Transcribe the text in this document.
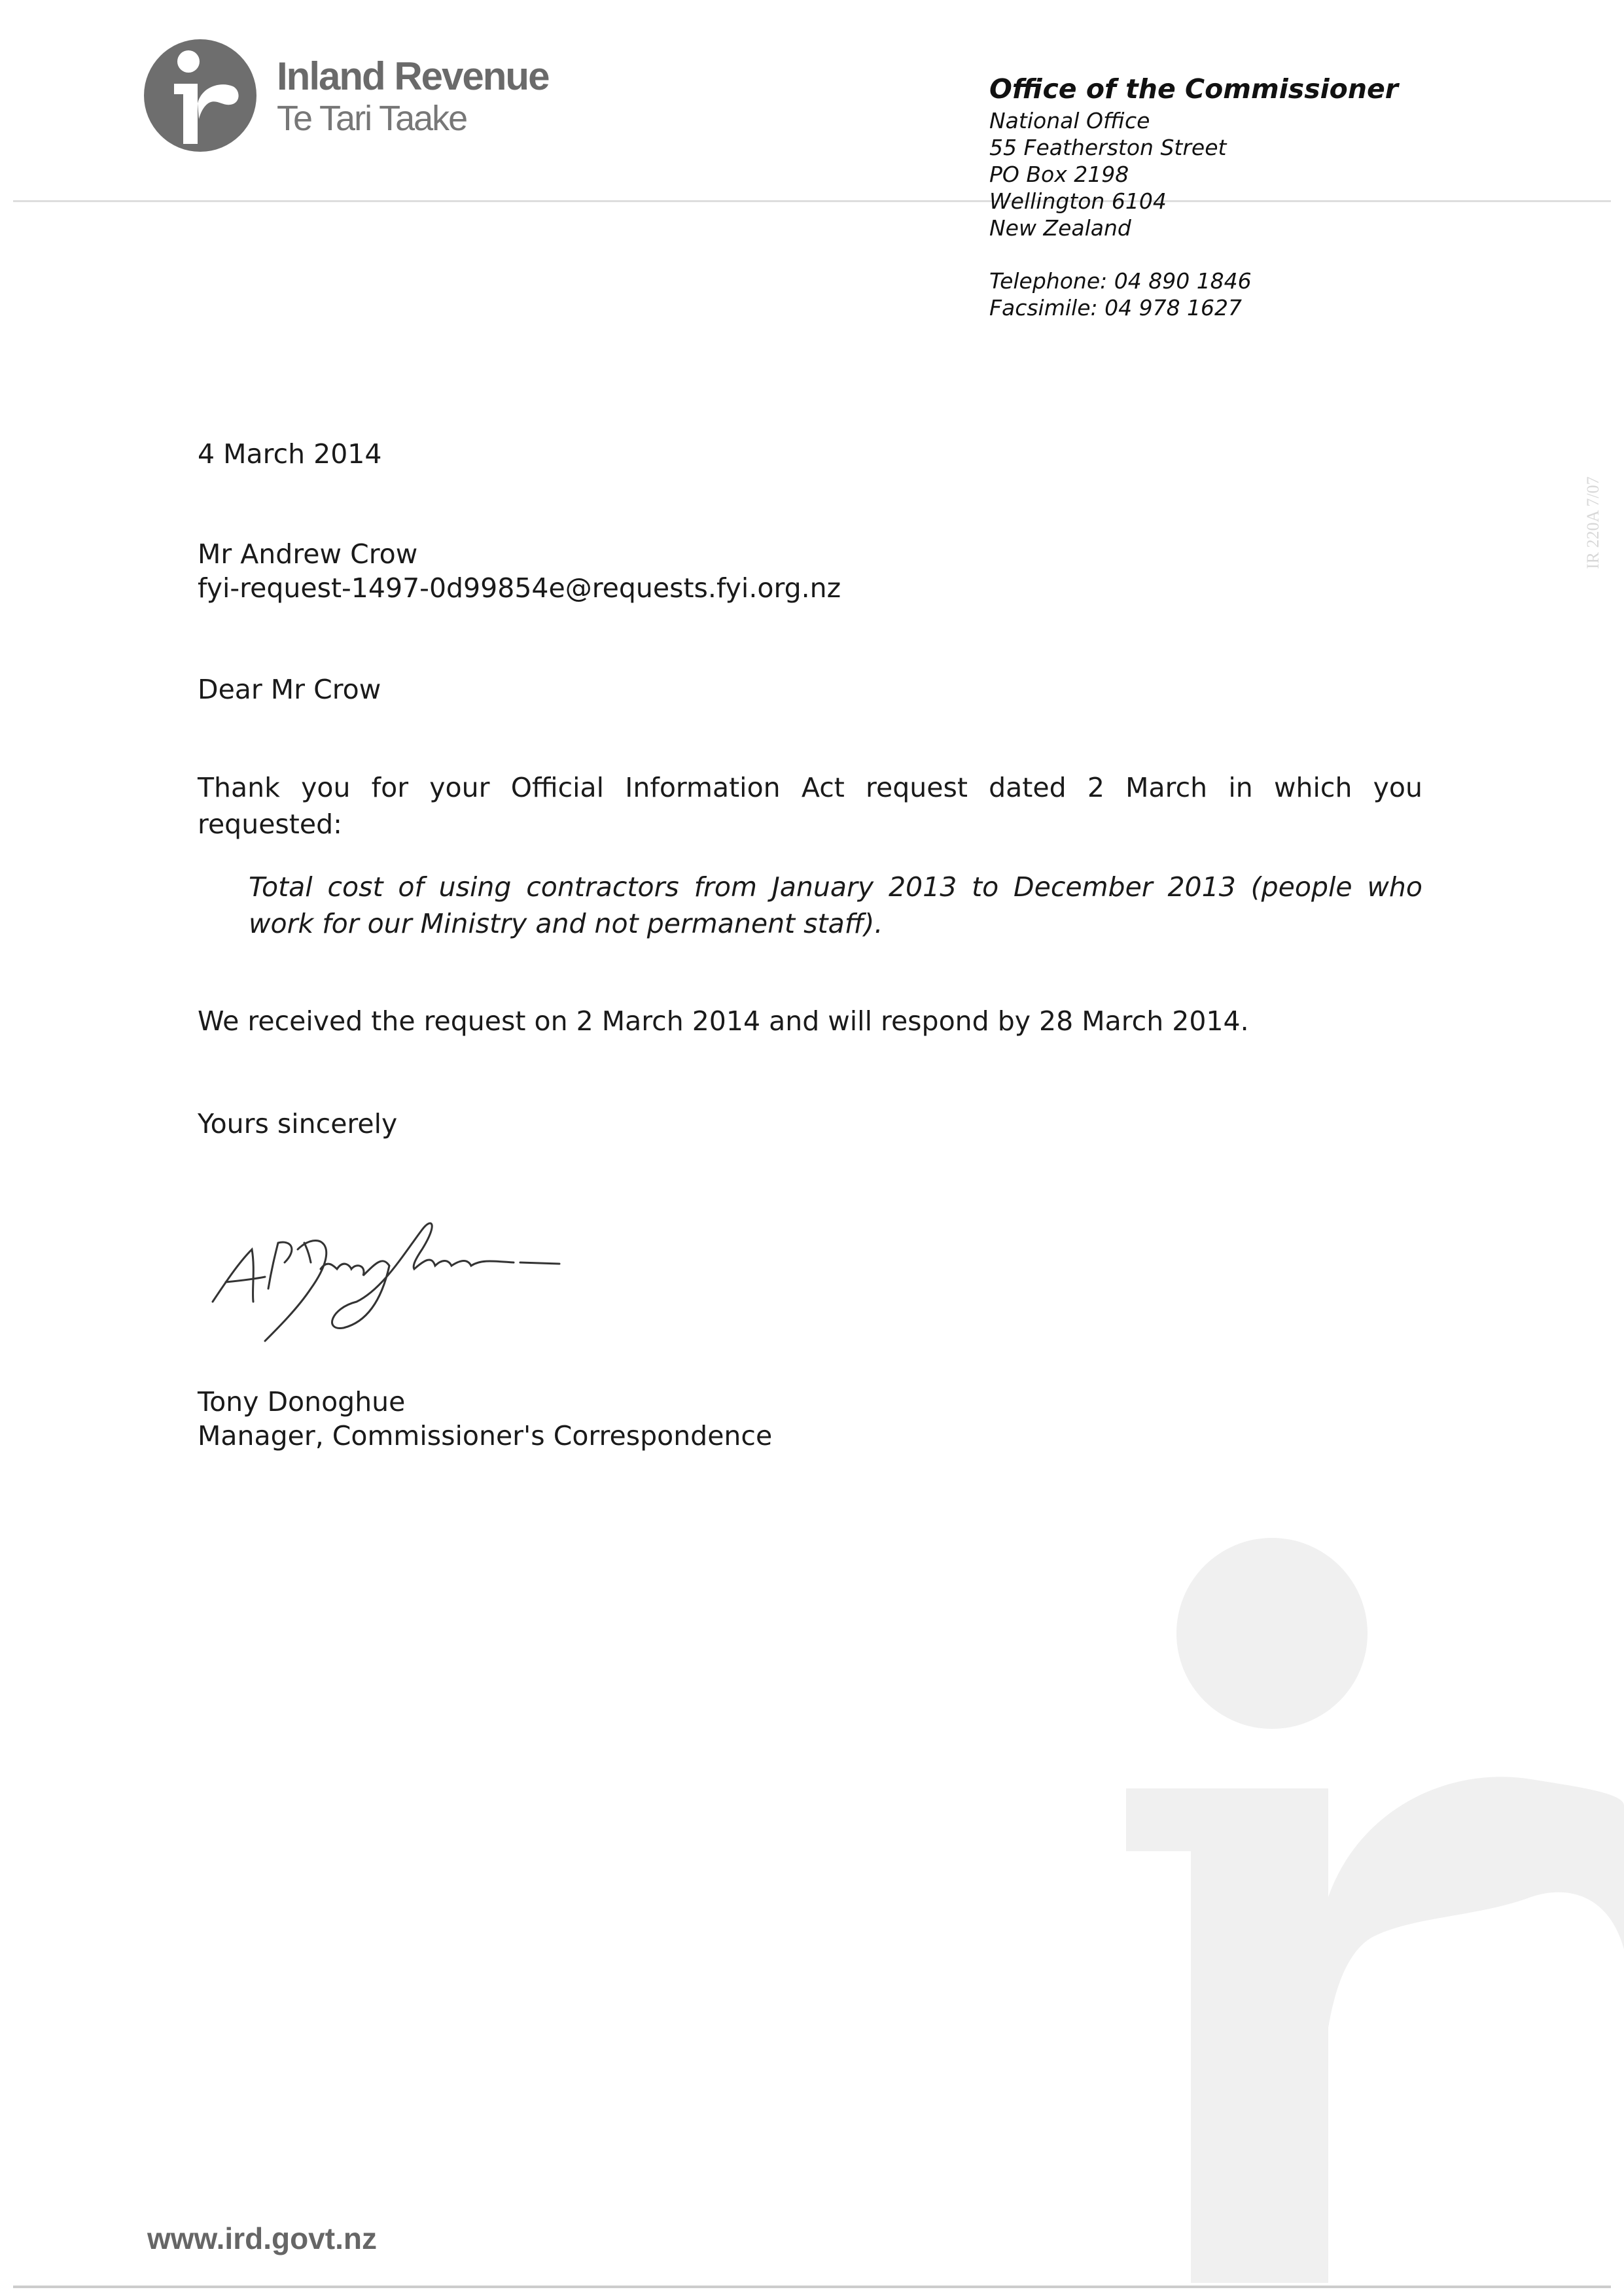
Inland Revenue
Te Tari Taake
Office of the Commissioner
National Office
55 Featherston Street
PO Box 2198
Wellington 6104
New Zealand
Telephone: 04 890 1846
Facsimile: 04 978 1627
IR 220A 7/07
4 March 2014
Mr Andrew Crow
fyi-request-1497-0d99854e@requests.fyi.org.nz
Dear Mr Crow
Thank you for your Official Information Act request dated 2 March in which you
requested:
Total cost of using contractors from January 2013 to December 2013 (people who
work for our Ministry and not permanent staff).
We received the request on 2 March 2014 and will respond by 28 March 2014.
Yours sincerely
Tony Donoghue
Manager, Commissioner's Correspondence
www.ird.govt.nz
